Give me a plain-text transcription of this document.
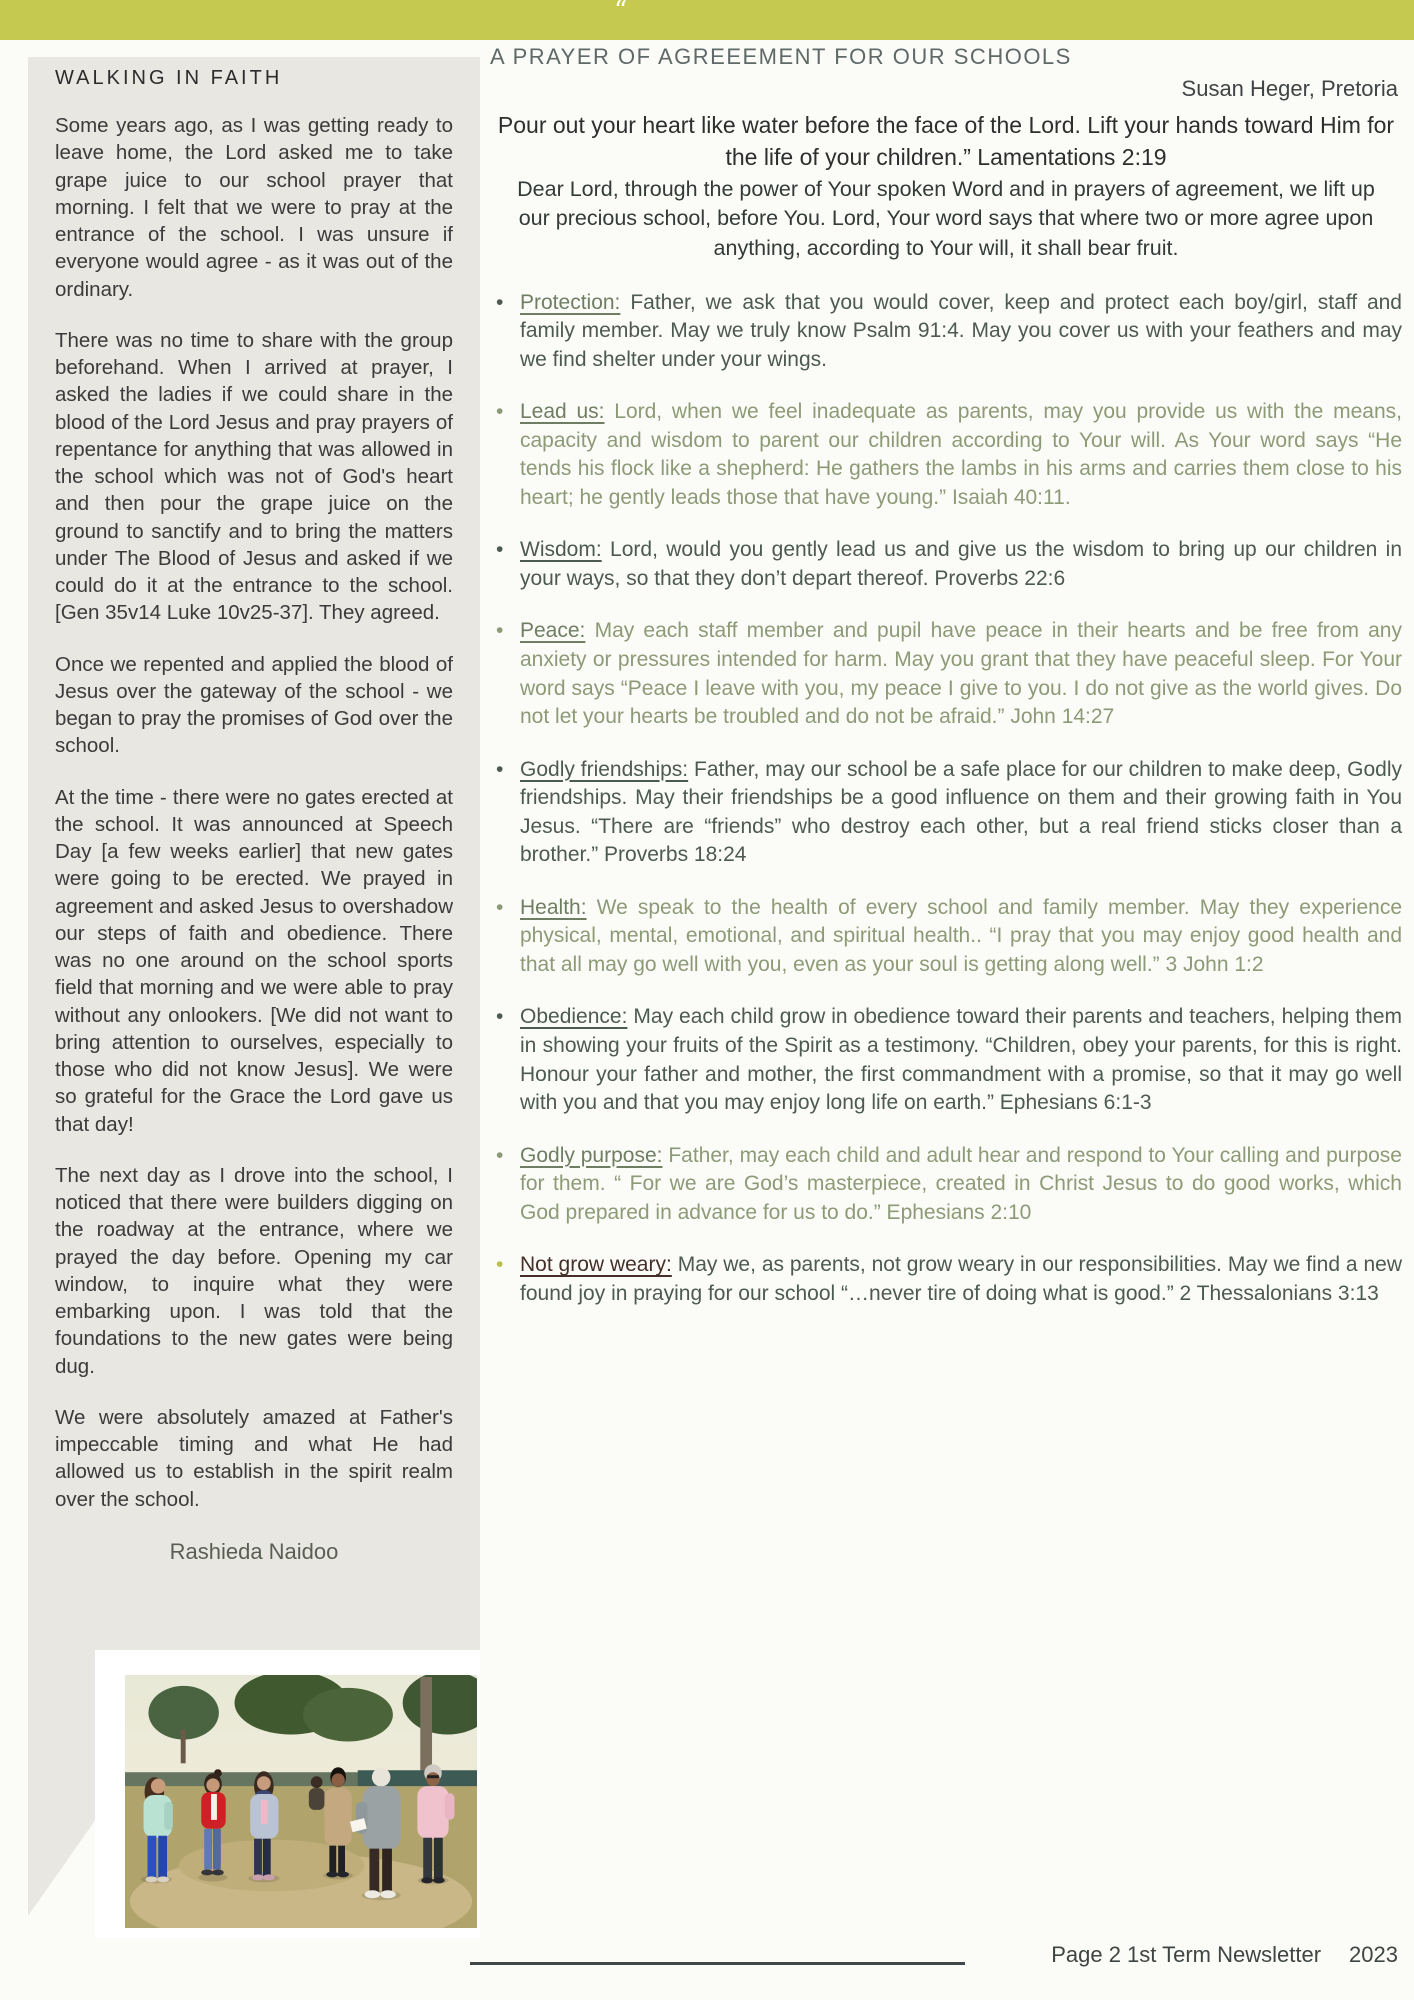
“
WALKING IN FAITH

Some years ago, as I was getting ready to leave home, the Lord asked me to take grape juice to our school prayer that morning. I felt that we were to pray at the entrance of the school. I was unsure if everyone would agree - as it was out of the ordinary.

There was no time to share with the group beforehand. When I arrived at prayer, I asked the ladies if we could share in the blood of the Lord Jesus and pray prayers of repentance for anything that was allowed in the school which was not of God's heart and then pour the grape juice on the ground to sanctify and to bring the matters under The Blood of Jesus and asked if we could do it at the entrance to the school. [Gen 35v14 Luke 10v25-37]. They agreed.

Once we repented and applied the blood of Jesus over the gateway of the school - we began to pray the promises of God over the school.

At the time - there were no gates erected at the school. It was announced at Speech Day [a few weeks earlier] that new gates were going to be erected. We prayed in agreement and asked Jesus to overshadow our steps of faith and obedience. There was no one around on the school sports field that morning and we were able to pray without any onlookers. [We did not want to bring attention to ourselves, especially to those who did not know Jesus]. We were so grateful for the Grace the Lord gave us that day!

The next day as I drove into the school, I noticed that there were builders digging on the roadway at the entrance, where we prayed the day before. Opening my car window, to inquire what they were embarking upon. I was told that the foundations to the new gates were being dug.

We were absolutely amazed at Father's impeccable timing and what He had allowed us to establish in the spirit realm over the school.

Rashieda Naidoo
A PRAYER OF AGREEEMENT FOR OUR SCHOOLS
Susan Heger, Pretoria
Pour out your heart like water before the face of the Lord. Lift your hands toward Him for the life of your children.” Lamentations 2:19
Dear Lord, through the power of Your spoken Word and in prayers of agreement, we lift up our precious school, before You. Lord, Your word says that where two or more agree upon anything, according to Your will, it shall bear fruit.
• Protection: Father, we ask that you would cover, keep and protect each boy/girl, staff and family member. May we truly know Psalm 91:4. May you cover us with your feathers and may we find shelter under your wings.
• Lead us: Lord, when we feel inadequate as parents, may you provide us with the means, capacity and wisdom to parent our children according to Your will. As Your word says “He tends his flock like a shepherd: He gathers the lambs in his arms and carries them close to his heart; he gently leads those that have young.” Isaiah 40:11.
• Wisdom: Lord, would you gently lead us and give us the wisdom to bring up our children in your ways, so that they don’t depart thereof. Proverbs 22:6
• Peace: May each staff member and pupil have peace in their hearts and be free from any anxiety or pressures intended for harm. May you grant that they have peaceful sleep. For Your word says “Peace I leave with you, my peace I give to you. I do not give as the world gives. Do not let your hearts be troubled and do not be afraid.” John 14:27
• Godly friendships: Father, may our school be a safe place for our children to make deep, Godly friendships. May their friendships be a good influence on them and their growing faith in You Jesus. “There are “friends” who destroy each other, but a real friend sticks closer than a brother.” Proverbs 18:24
• Health: We speak to the health of every school and family member. May they experience physical, mental, emotional, and spiritual health.. “I pray that you may enjoy good health and that all may go well with you, even as your soul is getting along well.” 3 John 1:2
• Obedience: May each child grow in obedience toward their parents and teachers, helping them in showing your fruits of the Spirit as a testimony. “Children, obey your parents, for this is right. Honour your father and mother, the first commandment with a promise, so that it may go well with you and that you may enjoy long life on earth.” Ephesians 6:1-3
• Godly purpose: Father, may each child and adult hear and respond to Your calling and purpose for them. “ For we are God’s masterpiece, created in Christ Jesus to do good works, which God prepared in advance for us to do.” Ephesians 2:10
• Not grow weary: May we, as parents, not grow weary in our responsibilities. May we find a new found joy in praying for our school “…never tire of doing what is good.” 2 Thessalonians 3:13
Page 2 1st Term Newsletter 2023
